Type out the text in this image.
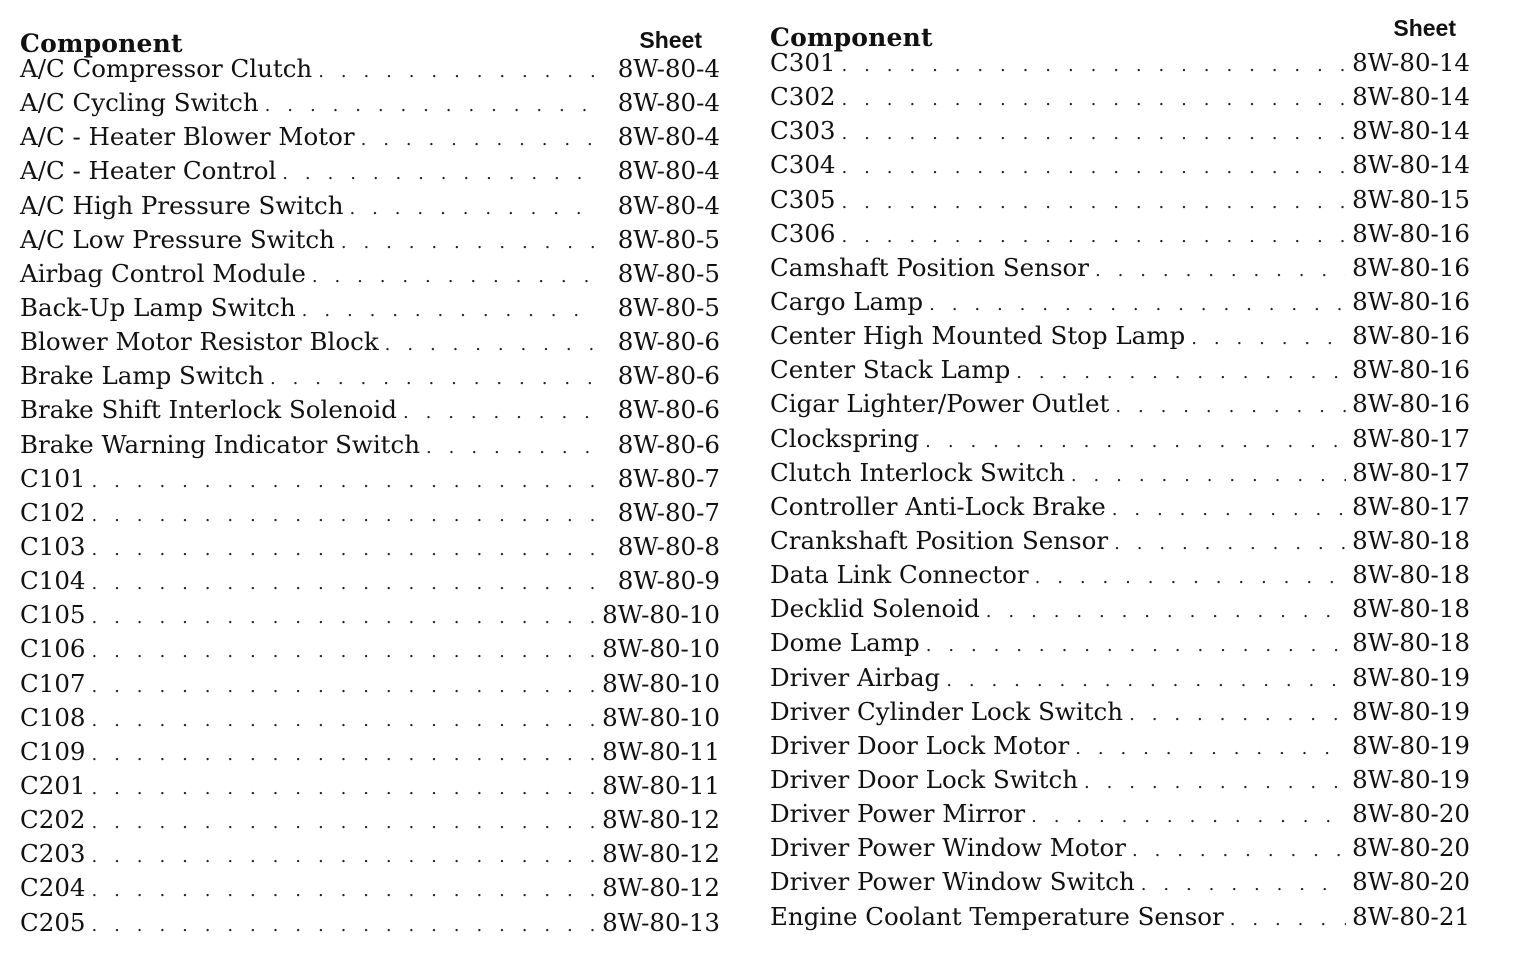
Component	Sheet
A/C Compressor Clutch . . .	8W-80-4
A/C Cycling Switch . . .	8W-80-4
A/C - Heater Blower Motor . . .	8W-80-4
A/C - Heater Control . . .	8W-80-4
A/C High Pressure Switch . . .	8W-80-4
A/C Low Pressure Switch . . .	8W-80-5
Airbag Control Module . . .	8W-80-5
Back-Up Lamp Switch . . .	8W-80-5
Blower Motor Resistor Block . . .	8W-80-6
Brake Lamp Switch . . .	8W-80-6
Brake Shift Interlock Solenoid . . .	8W-80-6
Brake Warning Indicator Switch . . .	8W-80-6
C101 . . .	8W-80-7
C102 . . .	8W-80-7
C103 . . .	8W-80-8
C104 . . .	8W-80-9
C105 . . .	8W-80-10
C106 . . .	8W-80-10
C107 . . .	8W-80-10
C108 . . .	8W-80-10
C109 . . .	8W-80-11
C201 . . .	8W-80-11
C202 . . .	8W-80-12
C203 . . .	8W-80-12
C204 . . .	8W-80-12
C205 . . .	8W-80-13
Component	Sheet
C301 . . .	8W-80-14
C302 . . .	8W-80-14
C303 . . .	8W-80-14
C304 . . .	8W-80-14
C305 . . .	8W-80-15
C306 . . .	8W-80-16
Camshaft Position Sensor . . .	8W-80-16
Cargo Lamp . . .	8W-80-16
Center High Mounted Stop Lamp . . .	8W-80-16
Center Stack Lamp . . .	8W-80-16
Cigar Lighter/Power Outlet . . .	8W-80-16
Clockspring . . .	8W-80-17
Clutch Interlock Switch . . .	8W-80-17
Controller Anti-Lock Brake . . .	8W-80-17
Crankshaft Position Sensor . . .	8W-80-18
Data Link Connector . . .	8W-80-18
Decklid Solenoid . . .	8W-80-18
Dome Lamp . . .	8W-80-18
Driver Airbag . . .	8W-80-19
Driver Cylinder Lock Switch . . .	8W-80-19
Driver Door Lock Motor . . .	8W-80-19
Driver Door Lock Switch . . .	8W-80-19
Driver Power Mirror . . .	8W-80-20
Driver Power Window Motor . . .	8W-80-20
Driver Power Window Switch . . .	8W-80-20
Engine Coolant Temperature Sensor . . .	8W-80-21
